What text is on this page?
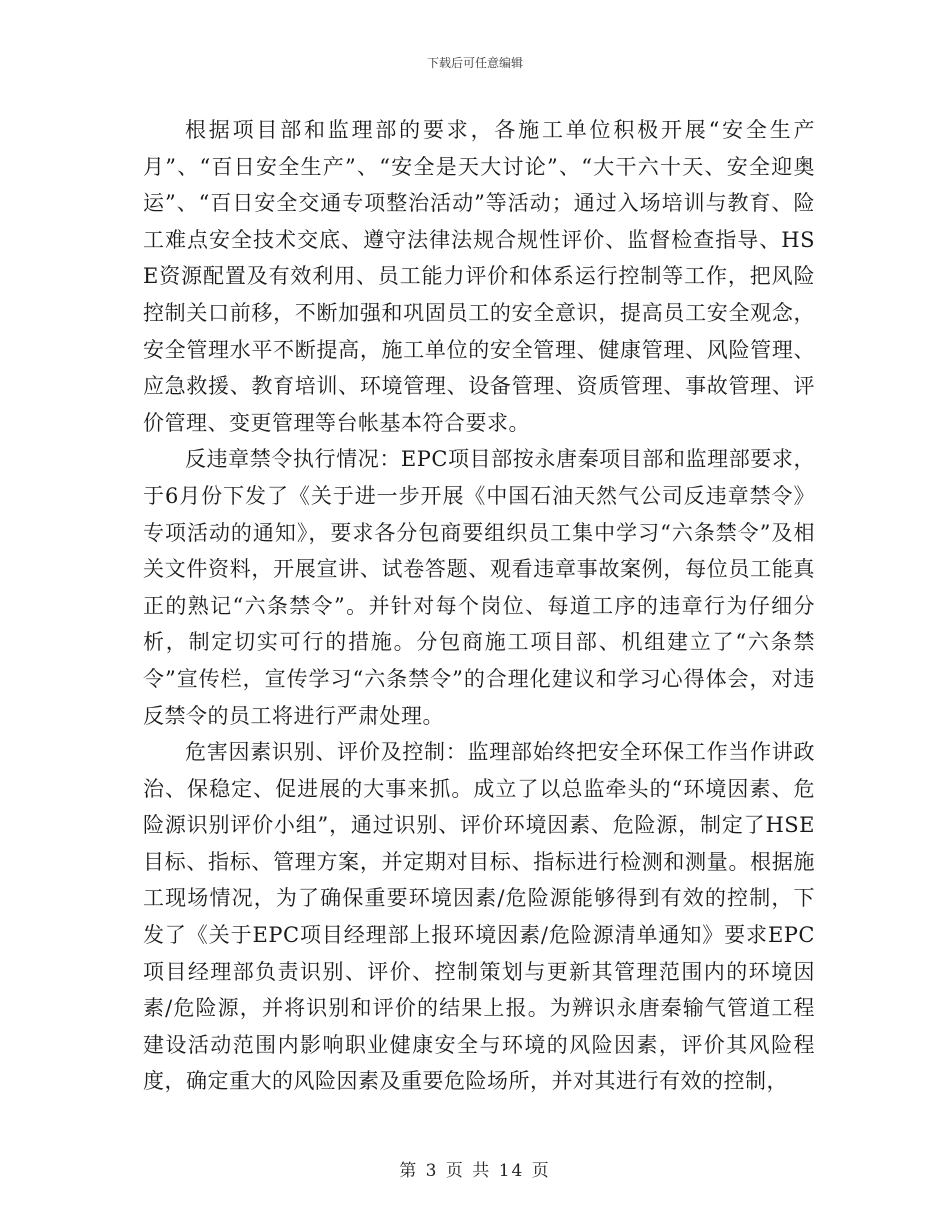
下载后可任意编辑

根据项目部和监理部的要求，各施工单位积极开展“安全生产月”、“百日安全生产”、“安全是天大讨论”、“大干六十天、安全迎奥运”、“百日安全交通专项整治活动”等活动；通过入场培训与教育、险工难点安全技术交底、遵守法律法规合规性评价、监督检查指导、HSE资源配置及有效利用、员工能力评价和体系运行控制等工作，把风险控制关口前移，不断加强和巩固员工的安全意识，提高员工安全观念，安全管理水平不断提高，施工单位的安全管理、健康管理、风险管理、应急救援、教育培训、环境管理、设备管理、资质管理、事故管理、评价管理、变更管理等台帐基本符合要求。

反违章禁令执行情况：EPC项目部按永唐秦项目部和监理部要求，于6月份下发了《关于进一步开展《中国石油天然气公司反违章禁令》专项活动的通知》，要求各分包商要组织员工集中学习“六条禁令”及相关文件资料，开展宣讲、试卷答题、观看违章事故案例，每位员工能真正的熟记“六条禁令”。并针对每个岗位、每道工序的违章行为仔细分析，制定切实可行的措施。分包商施工项目部、机组建立了“六条禁令”宣传栏，宣传学习“六条禁令”的合理化建议和学习心得体会，对违反禁令的员工将进行严肃处理。

危害因素识别、评价及控制：监理部始终把安全环保工作当作讲政治、保稳定、促进展的大事来抓。成立了以总监牵头的“环境因素、危险源识别评价小组”，通过识别、评价环境因素、危险源，制定了HSE目标、指标、管理方案，并定期对目标、指标进行检测和测量。根据施工现场情况，为了确保重要环境因素/危险源能够得到有效的控制，下发了《关于EPC项目经理部上报环境因素/危险源清单通知》要求EPC项目经理部负责识别、评价、控制策划与更新其管理范围内的环境因素/危险源，并将识别和评价的结果上报。为辨识永唐秦输气管道工程建设活动范围内影响职业健康安全与环境的风险因素，评价其风险程度，确定重大的风险因素及重要危险场所，并对其进行有效的控制，

第 3 页 共 14 页
